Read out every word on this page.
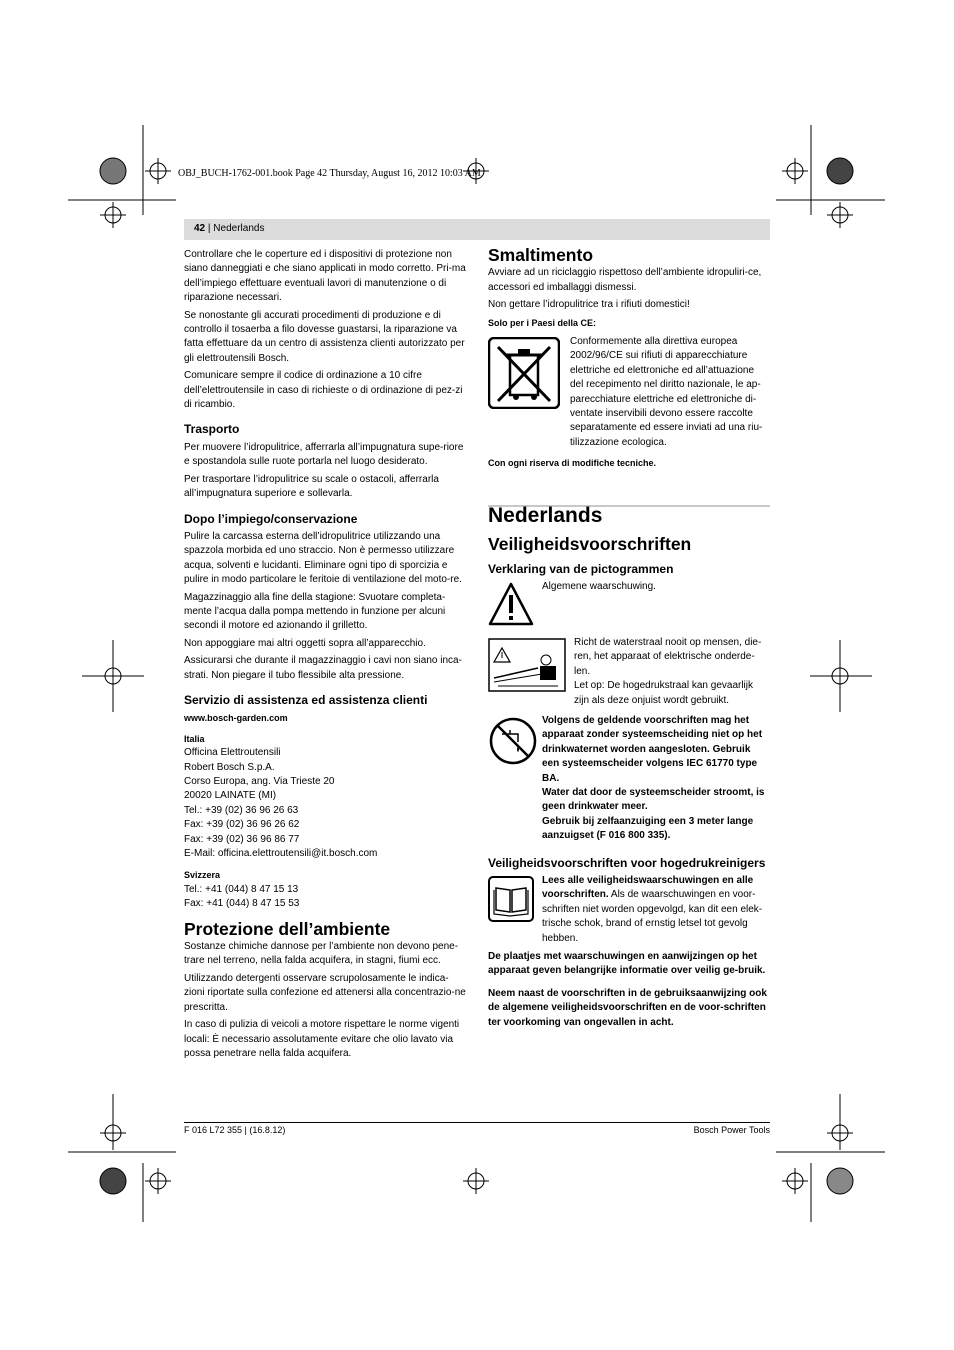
OBJ_BUCH-1762-001.book Page 42 Thursday, August 16, 2012 10:03 AM
42 | Nederlands

Controllare che le coperture ed i dispositivi di protezione non siano danneggiati e che siano applicati in modo corretto. Pri-ma dell’impiego effettuare eventuali lavori di manutenzione o di riparazione necessari.

Se nonostante gli accurati procedimenti di produzione e di controllo il tosaerba a filo dovesse guastarsi, la riparazione va fatta effettuare da un centro di assistenza clienti autorizzato per gli elettroutensili Bosch.

Comunicare sempre il codice di ordinazione a 10 cifre dell’elettroutensile in caso di richieste o di ordinazione di pez-zi di ricambio.

Trasporto

Per muovere l’idropulitrice, afferrarla all’impugnatura supe-riore e spostandola sulle ruote portarla nel luogo desiderato.

Per trasportare l’idropulitrice su scale o ostacoli, afferrarla all’impugnatura superiore e sollevarla.

Dopo l’impiego/conservazione

Pulire la carcassa esterna dell’idropulitrice utilizzando una spazzola morbida ed uno straccio. Non è permesso utilizzare acqua, solventi e lucidanti. Eliminare ogni tipo di sporcizia e pulire in modo particolare le feritoie di ventilazione del moto-re.

Magazzinaggio alla fine della stagione: Svuotare completa-mente l’acqua dalla pompa mettendo in funzione per alcuni secondi il motore ed azionando il grilletto.

Non appoggiare mai altri oggetti sopra all’apparecchio.

Assicurarsi che durante il magazzinaggio i cavi non siano inca-strati. Non piegare il tubo flessibile alta pressione.

Servizio di assistenza ed assistenza clienti
www.bosch-garden.com
Italia
Officina Elettroutensili
Robert Bosch S.p.A.
Corso Europa, ang. Via Trieste 20
20020 LAINATE (MI)
Tel.: +39 (02) 36 96 26 63
Fax: +39 (02) 36 96 26 62
Fax: +39 (02) 36 96 86 77
E-Mail: officina.elettroutensili@it.bosch.com
Svizzera
Tel.: +41 (044) 8 47 15 13
Fax: +41 (044) 8 47 15 53
Protezione dell’ambiente

Sostanze chimiche dannose per l’ambiente non devono pene-trare nel terreno, nella falda acquifera, in stagni, fiumi ecc.

Utilizzando detergenti osservare scrupolosamente le indica-zioni riportate sulla confezione ed attenersi alla concentrazio-ne prescritta.

In caso di pulizia di veicoli a motore rispettare le norme vigenti locali: È necessario assolutamente evitare che olio lavato via possa penetrare nella falda acquifera.

Smaltimento

Avviare ad un riciclaggio rispettoso dell’ambiente idropuliri-ce, accessori ed imballaggi dismessi.

Non gettare l’idropulitrice tra i rifiuti domestici!

Solo per i Paesi della CE:
Conformemente alla direttiva europea 2002/96/CE sui rifiuti di apparecchiature elettriche ed elettroniche ed all’attuazione del recepimento nel diritto nazionale, le ap-parecchiature elettriche ed elettroniche di-ventate inservibili devono essere raccolte separatamente ed essere inviati ad una riu-tilizzazione ecologica.
Con ogni riserva di modifiche tecniche.
Nederlands
Veiligheidsvoorschriften
Verklaring van de pictogrammen
Algemene waarschuwing.
Richt de waterstraal nooit op mensen, die-ren, het apparaat of elektrische onderde-len.
Let op: De hogedrukstraal kan gevaarlijk zijn als deze onjuist wordt gebruikt.
Volgens de geldende voorschriften mag het apparaat zonder systeemscheiding niet op het drinkwaternet worden aangesloten. Gebruik een systeemscheider volgens IEC 61770 type BA.
Water dat door de systeemscheider stroomt, is geen drinkwater meer.
Gebruik bij zelfaanzuiging een 3 meter lange aanzuigset (F 016 800 335).
Veiligheidsvoorschriften voor hogedrukreinigers
Lees alle veiligheidswaarschuwingen en alle voorschriften. Als de waarschuwingen en voor-schriften niet worden opgevolgd, kan dit een elek-trische schok, brand of ernstig letsel tot gevolg hebben.

De plaatjes met waarschuwingen en aanwijzingen op het apparaat geven belangrijke informatie over veilig ge-bruik.

Neem naast de voorschriften in de gebruiksaanwijzing ook de algemene veiligheidsvoorschriften en de voor-schriften ter voorkoming van ongevallen in acht.

F 016 L72 355 | (16.8.12)	Bosch Power Tools
